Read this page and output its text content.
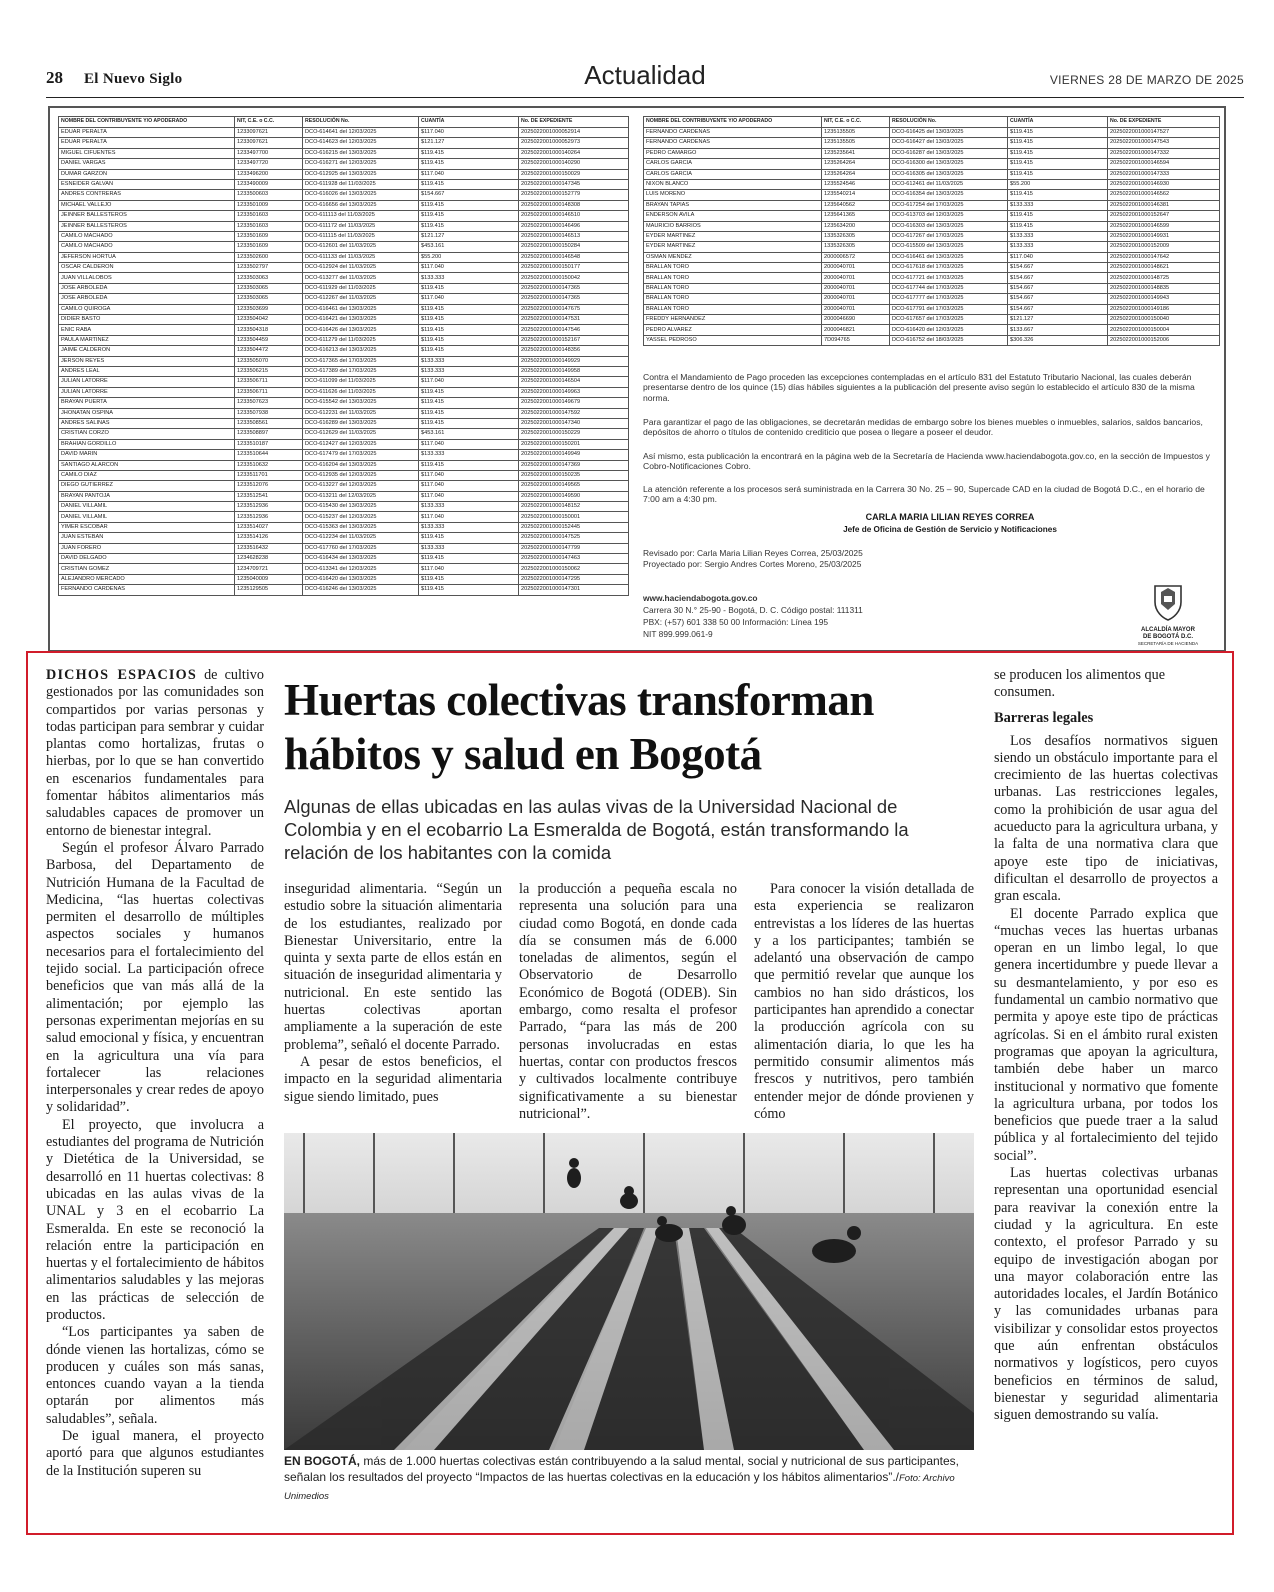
28 El Nuevo Siglo	Actualidad	VIERNES 28 DE MARZO DE 2025
NOMBRE DEL CONTRIBUYENTE Y/O APODERADO	NIT, C.E. o C.C.	RESOLUCIÓN No.	CUANTÍA	No. DE EXPEDIENTE
EDUAR PERALTA	1233097621	DCO-614641 del 12/03/2025	$117.040	2025022001000052914
EDUAR PERALTA	1233097621	DCO-614623 del 12/03/2025	$121.127	2025022001000052973
MIGUEL CIFUENTES	1233497700	DCO-616215 del 13/03/2025	$119.415	2025022001000140264
DANIEL VARGAS	1233497720	DCO-616271 del 12/03/2025	$119.415	2025022001000140290
DUMAR GARZON	1233496200	DCO-612925 del 13/03/2025	$117.040	2025022001000150029
ESNEIDER GALVAN	1233490009	DCO-611928 del 11/03/2025	$119.415	2025022001000147345
ANDRES CONTRERAS	1233500603	DCO-616026 del 13/03/2025	$154.667	2025022001000152779
MICHAEL VALLEJO	1233501009	DCO-616656 del 13/03/2025	$119.415	2025022001000148308
JEINNER BALLESTEROS	1233501603	DCO-611113 del 11/03/2025	$119.415	2025022001000146510
JEINNER BALLESTEROS	1233501603	DCO-611172 del 11/03/2025	$119.415	2025022001000146496
CAMILO MACHADO	1233501609	DCO-611115 del 11/03/2025	$121.127	2025022001000146513
CAMILO MACHADO	1233501609	DCO-612601 del 11/03/2025	$453.161	2025022001000150284
JEFERSON HORTUA	1233502600	DCO-611133 del 11/03/2025	$55.200	2025022001000146548
OSCAR CALDERON	1233502797	DCO-612924 del 11/03/2025	$117.040	2025022001000150177
JUAN VILLALOBOS	1233503063	DCO-613277 del 11/03/2025	$133.333	2025022001000150042
JOSE ARBOLEDA	1233503065	DCO-611929 del 11/03/2025	$119.415	2025022001000147365
JOSE ARBOLEDA	1233503065	DCO-612267 del 11/03/2025	$117.040	2025022001000147365
CAMILO QUIROGA	1233503699	DCO-616461 del 13/03/2025	$119.415	2025022001000147675
DIDIER BASTO	1233504042	DCO-616421 del 13/03/2025	$119.415	2025022001000147531
ENIC RABA	1233504318	DCO-616426 del 13/03/2025	$119.415	2025022001000147546
PAULA MARTINEZ	1233504459	DCO-611279 del 11/03/2025	$119.415	2025022001000152167
JAIME CALDERON	1233504472	DCO-616213 del 13/03/2025	$119.415	2025022001000148356
JERSON REYES	1233505070	DCO-617365 del 17/03/2025	$133.333	2025022001000149929
ANDRES LEAL	1233506215	DCO-617389 del 17/03/2025	$133.333	2025022001000149958
JULIAN LATORRE	1233506711	DCO-611099 del 11/03/2025	$117.040	2025022001000146504
JULIAN LATORRE	1233506711	DCO-611626 del 11/03/2025	$119.415	2025022001000149963
BRAYAN PUERTA	1233507623	DCO-615542 del 13/03/2025	$119.415	2025022001000149679
JHONATAN OSPINA	1233507938	DCO-612231 del 11/03/2025	$119.415	2025022001000147592
ANDRES SALINAS	1233508561	DCO-616289 del 13/03/2025	$119.415	2025022001000147340
CRISTIAN CORZO	1233508897	DCO-612629 del 11/03/2025	$453.161	2025022001000150229
BRAHIAN GORDILLO	1233510187	DCO-612427 del 12/03/2025	$117.040	2025022001000150201
DAVID MARIN	1233510644	DCO-617479 del 17/03/2025	$133.333	2025022001000149949
SANTIAGO ALARCON	1233510632	DCO-616204 del 13/03/2025	$119.415	2025022001000147369
CAMILO DIAZ	1233511701	DCO-612935 del 12/03/2025	$117.040	2025022001000150235
DIEGO GUTIERREZ	1233512076	DCO-613227 del 12/03/2025	$117.040	2025022001000149565
BRAYAN PANTOJA	1233512541	DCO-613211 del 12/03/2025	$117.040	2025022001000149590
DANIEL VILLAMIL	1233512936	DCO-615430 del 13/03/2025	$133.333	2025022001000148152
DANIEL VILLAMIL	1233512936	DCO-615237 del 12/03/2025	$117.040	2025022001000150001
YIMER ESCOBAR	1233514027	DCO-615363 del 13/03/2025	$133.333	2025022001000152445
JUAN ESTEBAN	1233514126	DCO-612234 del 11/03/2025	$119.415	2025022001000147525
JUAN FORERO	1233516432	DCO-617760 del 17/03/2025	$133.333	2025022001000147799
DAVID DELGADO	1234628238	DCO-616434 del 13/03/2025	$119.415	2025022001000147463
CRISTIAN GOMEZ	1234709721	DCO-613341 del 12/03/2025	$117.040	2025022001000150062
ALEJANDRO MERCADO	1235040009	DCO-616420 del 13/03/2025	$119.415	2025022001000147295
FERNANDO CARDENAS	1235129505	DCO-616246 del 13/03/2025	$119.415	2025022001000147301
NOMBRE DEL CONTRIBUYENTE Y/O APODERADO	NIT, C.E. o C.C.	RESOLUCIÓN No.	CUANTÍA	No. DE EXPEDIENTE
FERNANDO CARDENAS	1235135505	DCO-616425 del 13/03/2025	$119.415	2025022001000147527
FERNANDO CARDENAS	1235135505	DCO-616427 del 13/03/2025	$119.415	2025022001000147543
PEDRO CAMARGO	1235235641	DCO-616287 del 13/03/2025	$119.415	2025022001000147332
CARLOS GARCIA	1235264264	DCO-616300 del 13/03/2025	$119.415	2025022001000146594
CARLOS GARCIA	1235264264	DCO-616305 del 13/03/2025	$119.415	2025022001000147333
NIXON BLANCO	1235524546	DCO-612461 del 11/03/2025	$55.200	2025022001000146930
LUIS MORENO	1235540214	DCO-616354 del 13/03/2025	$119.415	2025022001000146562
BRAYAN TAPIAS	1235640562	DCO-617254 del 17/03/2025	$133.333	2025022001000146381
ENDERSON AVILA	1235641365	DCO-613703 del 12/03/2025	$119.415	2025022001000152647
MAURICIO BARRIOS	1235634200	DCO-616303 del 13/03/2025	$119.415	2025022001000146599
EYDER MARTINEZ	1335326305	DCO-617267 del 17/03/2025	$133.333	2025022001000149931
EYDER MARTINEZ	1335326305	DCO-615509 del 13/03/2025	$133.333	2025022001000152009
OSMAN MENDEZ	2000006572	DCO-616461 del 13/03/2025	$117.040	2025022001000147642
BRALLAN TORO	2000040701	DCO-617618 del 17/03/2025	$154.667	2025022001000148621
BRALLAN TORO	2000040701	DCO-617721 del 17/03/2025	$154.667	2025022001000148725
BRALLAN TORO	2000040701	DCO-617744 del 17/03/2025	$154.667	2025022001000148835
BRALLAN TORO	2000040701	DCO-617777 del 17/03/2025	$154.667	2025022001000149943
BRALLAN TORO	2000040701	DCO-617791 del 17/03/2025	$154.667	2025022001000149186
FREDDY HERNANDEZ	2000046690	DCO-617657 del 17/03/2025	$121.127	2025022001000150040
PEDRO ALVAREZ	2000046821	DCO-616420 del 12/03/2025	$133.667	2025022001000150004
YASSEL PEDROSO	7D094765	DCO-616752 del 18/03/2025	$306.326	2025022001000152006

Contra el Mandamiento de Pago proceden las excepciones contempladas en el artículo 831 del Estatuto Tributario Nacional, las cuales deberán presentarse dentro de los quince (15) días hábiles siguientes a la publicación del presente aviso según lo establecido el artículo 830 de la misma norma.

Para garantizar el pago de las obligaciones, se decretarán medidas de embargo sobre los bienes muebles o inmuebles, salarios, saldos bancarios, depósitos de ahorro o títulos de contenido crediticio que posea o llegare a poseer el deudor.

Así mismo, esta publicación la encontrará en la página web de la Secretaría de Hacienda www.haciendabogota.gov.co, en la sección de Impuestos y Cobro-Notificaciones Cobro.

La atención referente a los procesos será suministrada en la Carrera 30 No. 25 – 90, Supercade CAD en la ciudad de Bogotá D.C., en el horario de 7:00 am a 4:30 pm.

CARLA MARIA LILIAN REYES CORREA
Jefe de Oficina de Gestión de Servicio y Notificaciones
Revisado por: Carla Maria Lilian Reyes Correa, 25/03/2025
Proyectado por: Sergio Andres Cortes Moreno, 25/03/2025
www.haciendabogota.gov.co
Carrera 30 N.° 25-90 - Bogotá, D. C. Código postal: 111311
PBX: (+57) 601 338 50 00 Información: Línea 195
NIT 899.999.061-9	ALCALDÍA MAYOR
DE BOGOTÁ D.C.
SECRETARÍA DE HACIENDA

DICHOS ESPACIOS de cultivo gestionados por las comunidades son compartidos por varias personas y todas participan para sembrar y cuidar plantas como hortalizas, frutas o hierbas, por lo que se han convertido en escenarios fundamentales para fomentar hábitos alimentarios más saludables capaces de promover un entorno de bienestar integral.

Según el profesor Álvaro Parrado Barbosa, del Departamento de Nutrición Humana de la Facultad de Medicina, “las huertas colectivas permiten el desarrollo de múltiples aspectos sociales y humanos necesarios para el fortalecimiento del tejido social. La participación ofrece beneficios que van más allá de la alimentación; por ejemplo las personas experimentan mejorías en su salud emocional y física, y encuentran en la agricultura una vía para fortalecer las relaciones interpersonales y crear redes de apoyo y solidaridad”.

El proyecto, que involucra a estudiantes del programa de Nutrición y Dietética de la Universidad, se desarrolló en 11 huertas colectivas: 8 ubicadas en las aulas vivas de la UNAL y 3 en el ecobarrio La Esmeralda. En este se reconoció la relación entre la participación en huertas y el fortalecimiento de hábitos alimentarios saludables y las mejoras en las prácticas de selección de productos.

“Los participantes ya saben de dónde vienen las hortalizas, cómo se producen y cuáles son más sanas, entonces cuando vayan a la tienda optarán por alimentos más saludables”, señala.

De igual manera, el proyecto aportó para que algunos estudiantes de la Institución superen su

Huertas colectivas transforman hábitos y salud en Bogotá
Algunas de ellas ubicadas en las aulas vivas de la Universidad Nacional de Colombia y en el ecobarrio La Esmeralda de Bogotá, están transformando la relación de los habitantes con la comida

inseguridad alimentaria. “Según un estudio sobre la situación alimentaria de los estudiantes, realizado por Bienestar Universitario, entre la quinta y sexta parte de ellos están en situación de inseguridad alimentaria y nutricional. En este sentido las huertas colectivas aportan ampliamente a la superación de este problema”, señaló el docente Parrado.

A pesar de estos beneficios, el impacto en la seguridad alimentaria sigue siendo limitado, pues

la producción a pequeña escala no representa una solución para una ciudad como Bogotá, en donde cada día se consumen más de 6.000 toneladas de alimentos, según el Observatorio de Desarrollo Económico de Bogotá (ODEB). Sin embargo, como resalta el profesor Parrado, “para las más de 200 personas involucradas en estas huertas, contar con productos frescos y cultivados localmente contribuye significativamente a su bienestar nutricional”.

Para conocer la visión detallada de esta experiencia se realizaron entrevistas a los líderes de las huertas y a los participantes; también se adelantó una observación de campo que permitió revelar que aunque los cambios no han sido drásticos, los participantes han aprendido a conectar la producción agrícola con su alimentación diaria, lo que les ha permitido consumir alimentos más frescos y nutritivos, pero también entender mejor de dónde provienen y cómo

EN BOGOTÁ, más de 1.000 huertas colectivas están contribuyendo a la salud mental, social y nutricional de sus participantes, señalan los resultados del proyecto “Impactos de las huertas colectivas en la educación y los hábitos alimentarios”./Foto: Archivo Unimedios

se producen los alimentos que consumen.

Barreras legales

Los desafíos normativos siguen siendo un obstáculo importante para el crecimiento de las huertas colectivas urbanas. Las restricciones legales, como la prohibición de usar agua del acueducto para la agricultura urbana, y la falta de una normativa clara que apoye este tipo de iniciativas, dificultan el desarrollo de proyectos a gran escala.

El docente Parrado explica que “muchas veces las huertas urbanas operan en un limbo legal, lo que genera incertidumbre y puede llevar a su desmantelamiento, y por eso es fundamental un cambio normativo que permita y apoye este tipo de prácticas agrícolas. Si en el ámbito rural existen programas que apoyan la agricultura, también debe haber un marco institucional y normativo que fomente la agricultura urbana, por todos los beneficios que puede traer a la salud pública y al fortalecimiento del tejido social”.

Las huertas colectivas urbanas representan una oportunidad esencial para reavivar la conexión entre la ciudad y la agricultura. En este contexto, el profesor Parrado y su equipo de investigación abogan por una mayor colaboración entre las autoridades locales, el Jardín Botánico y las comunidades urbanas para visibilizar y consolidar estos proyectos que aún enfrentan obstáculos normativos y logísticos, pero cuyos beneficios en términos de salud, bienestar y seguridad alimentaria siguen demostrando su valía.
